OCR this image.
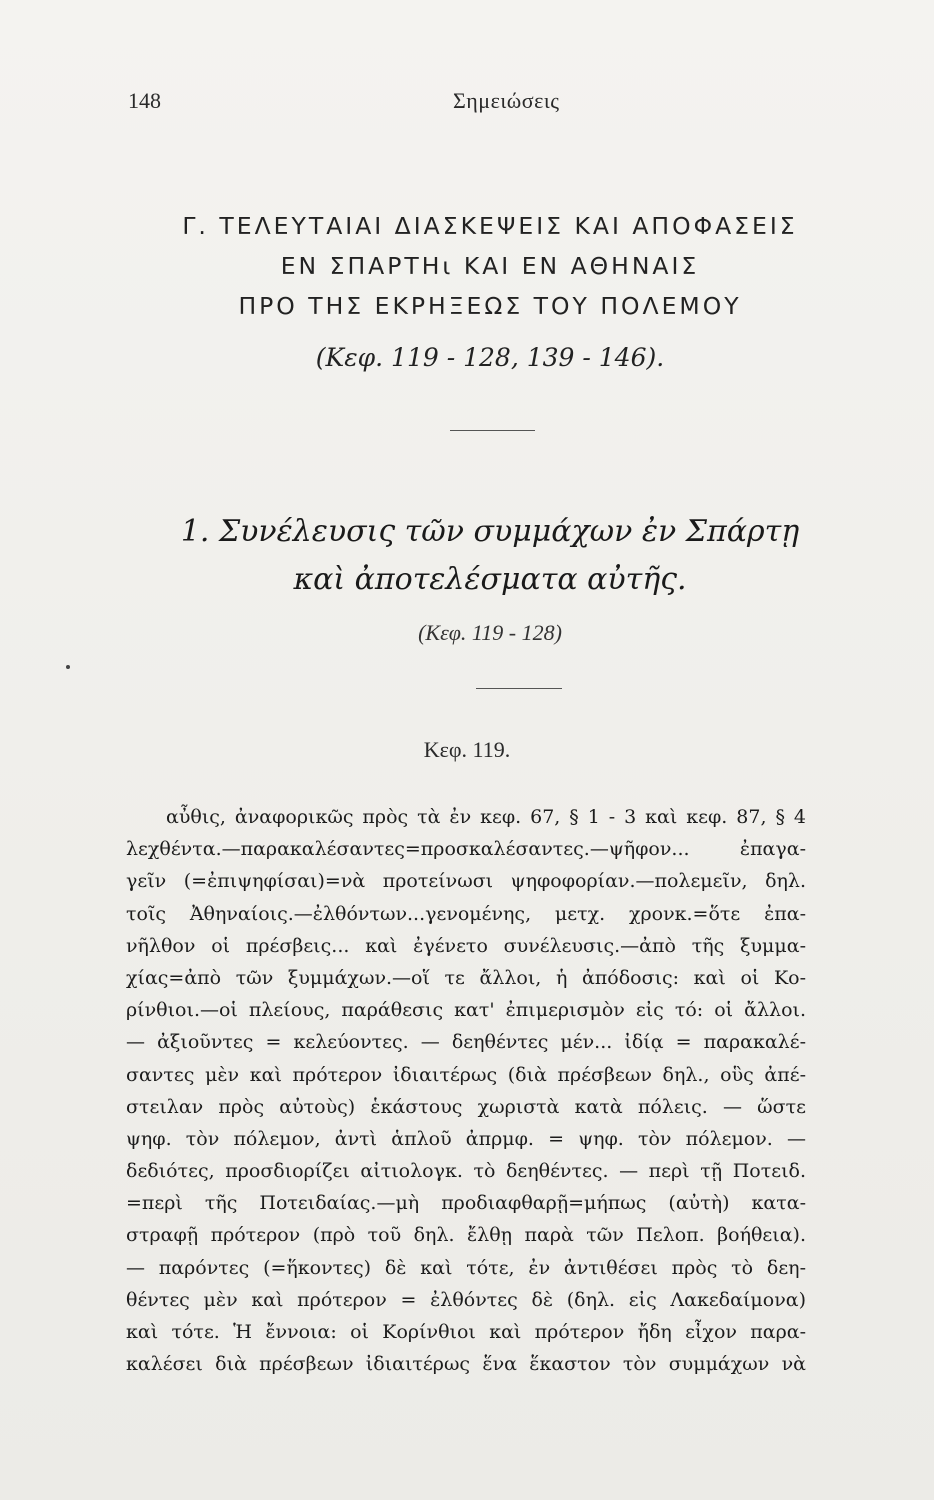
148	Σημειώσεις
Γ. ΤΕΛΕΥΤΑΙΑΙ ΔΙΑΣΚΕΨΕΙΣ ΚΑΙ ΑΠΟΦΑΣΕΙΣ
ΕΝ ΣΠΑΡΤΗι ΚΑΙ ΕΝ ΑΘΗΝΑΙΣ
ΠΡΟ ΤΗΣ ΕΚΡΗΞΕΩΣ ΤΟΥ ΠΟΛΕΜΟΥ
(Κεφ. 119 - 128, 139 - 146).
1. Συνέλευσις τῶν συμμάχων ἐν Σπάρτῃ
καὶ ἀποτελέσματα αὐτῆς.
(Κεφ. 119 - 128)
Κεφ. 119.
αὖθις, ἀναφορικῶς πρὸς τὰ ἐν κεφ. 67, § 1 - 3 καὶ κεφ. 87, § 4
λεχθέντα.—παρακαλέσαντες=προσκαλέσαντες.—ψῆφον... ἐπαγα-
γεῖν (=ἐπιψηφίσαι)=νὰ προτείνωσι ψηφοφορίαν.—πολεμεῖν, δηλ.
τοῖς Ἀθηναίοις.—ἐλθόντων...γενομένης, μετχ. χρονκ.=ὅτε ἐπα-
νῆλθον οἱ πρέσβεις... καὶ ἐγένετο συνέλευσις.—ἀπὸ τῆς ξυμμα-
χίας=ἀπὸ τῶν ξυμμάχων.—οἵ τε ἄλλοι, ἡ ἀπόδοσις: καὶ οἱ Κο-
ρίνθιοι.—οἱ πλείους, παράθεσις κατ' ἐπιμερισμὸν εἰς τό: οἱ ἄλλοι.
— ἀξιοῦντες = κελεύοντες. — δεηθέντες μέν... ἰδίᾳ = παρακαλέ-
σαντες μὲν καὶ πρότερον ἰδιαιτέρως (διὰ πρέσβεων δηλ., οὓς ἀπέ-
στειλαν πρὸς αὐτοὺς) ἑκάστους χωριστὰ κατὰ πόλεις. — ὥστε
ψηφ. τὸν πόλεμον, ἀντὶ ἁπλοῦ ἀπρμφ. = ψηφ. τὸν πόλεμον. —
δεδιότες, προσδιορίζει αἰτιολογκ. τὸ δεηθέντες. — περὶ τῇ Ποτειδ.
=περὶ τῆς Ποτειδαίας.—μὴ προδιαφθαρῇ=μήπως (αὐτὴ) κατα-
στραφῇ πρότερον (πρὸ τοῦ δηλ. ἔλθῃ παρὰ τῶν Πελοπ. βοήθεια).
— παρόντες (=ἥκοντες) δὲ καὶ τότε, ἐν ἀντιθέσει πρὸς τὸ δεη-
θέντες μὲν καὶ πρότερον = ἐλθόντες δὲ (δηλ. εἰς Λακεδαίμονα)
καὶ τότε. Ἡ ἔννοια: οἱ Κορίνθιοι καὶ πρότερον ἤδη εἶχον παρα-
καλέσει διὰ πρέσβεων ἰδιαιτέρως ἕνα ἕκαστον τὸν συμμάχων νὰ
